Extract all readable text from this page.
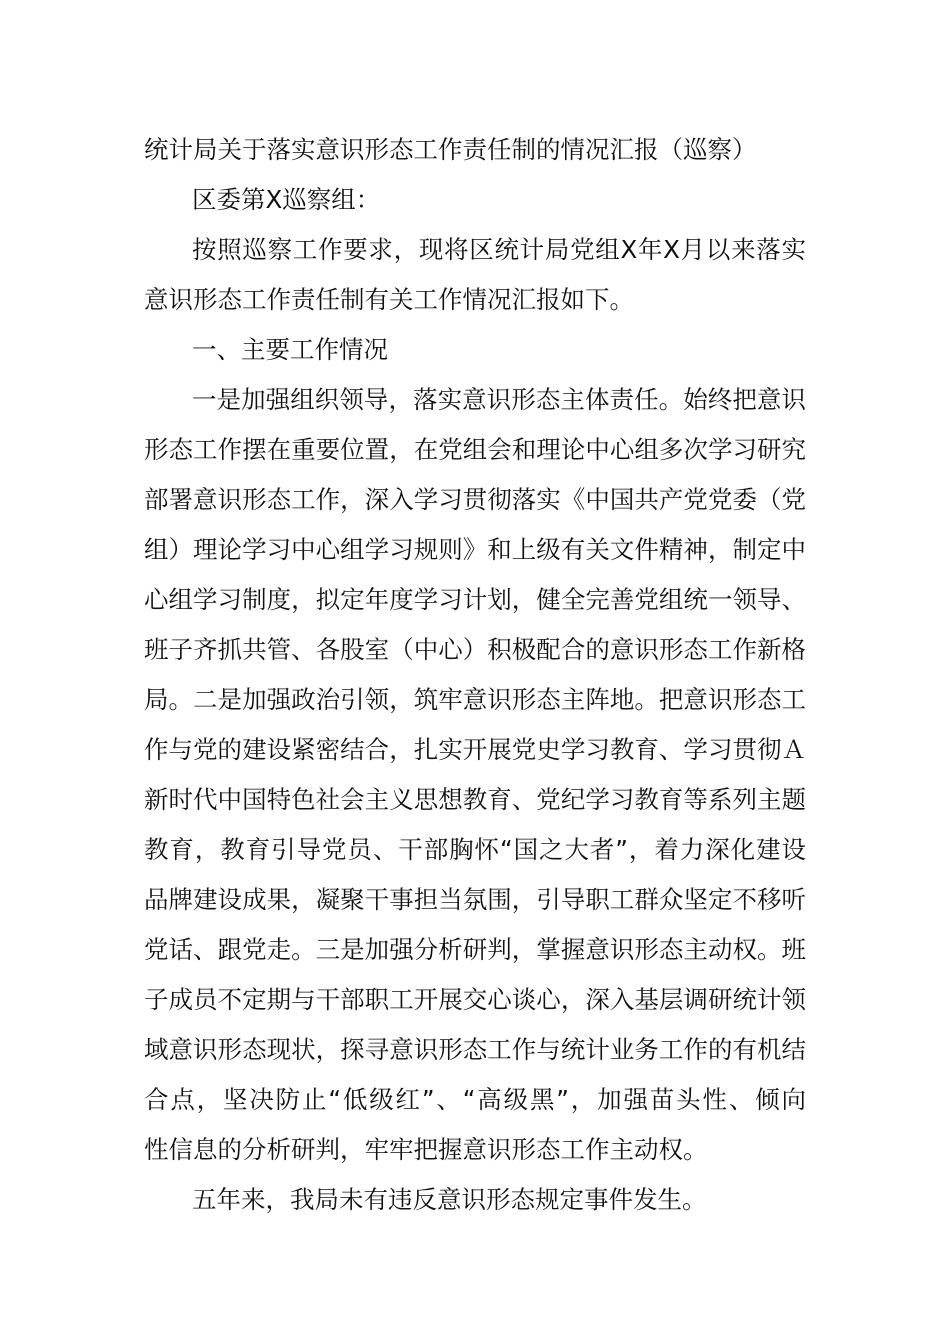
统计局关于落实意识形态工作责任制的情况汇报（巡察）
区委第Ⅹ巡察组：
按照巡察工作要求，现将区统计局党组Ⅹ年Ⅹ月以来落实
意识形态工作责任制有关工作情况汇报如下。
一、主要工作情况
一是加强组织领导，落实意识形态主体责任。始终把意识
形态工作摆在重要位置，在党组会和理论中心组多次学习研究
部署意识形态工作，深入学习贯彻落实《中国共产党党委（党
组）理论学习中心组学习规则》和上级有关文件精神，制定中
心组学习制度，拟定年度学习计划，健全完善党组统一领导、
班子齐抓共管、各股室（中心）积极配合的意识形态工作新格
局。二是加强政治引领，筑牢意识形态主阵地。把意识形态工
作与党的建设紧密结合，扎实开展党史学习教育、学习贯彻Ａ
新时代中国特色社会主义思想教育、党纪学习教育等系列主题
教育，教育引导党员、干部胸怀“国之大者”，着力深化建设
品牌建设成果，凝聚干事担当氛围，引导职工群众坚定不移听
党话、跟党走。三是加强分析研判，掌握意识形态主动权。班
子成员不定期与干部职工开展交心谈心，深入基层调研统计领
域意识形态现状，探寻意识形态工作与统计业务工作的有机结
合点，坚决防止“低级红”、“高级黑”，加强苗头性、倾向
性信息的分析研判，牢牢把握意识形态工作主动权。
五年来，我局未有违反意识形态规定事件发生。
